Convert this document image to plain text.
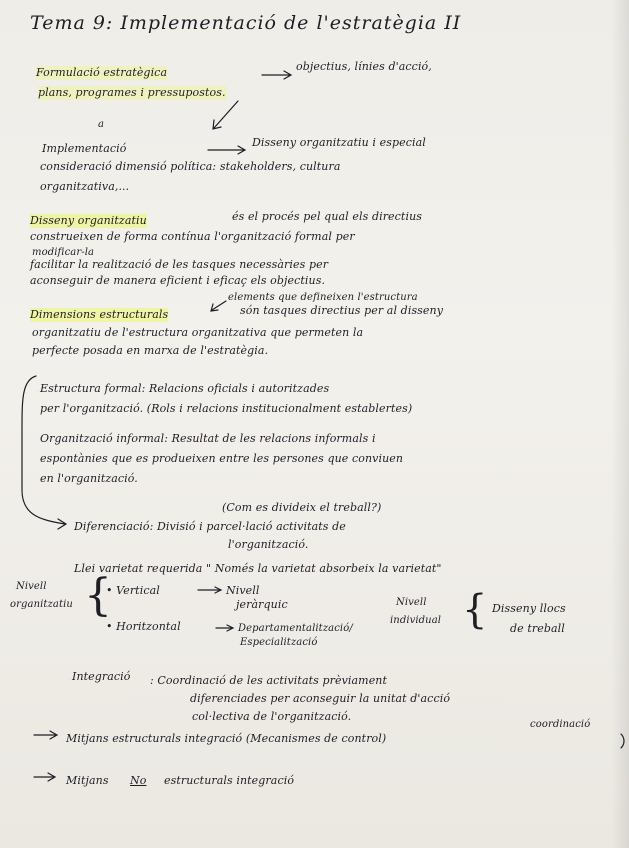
Tema 9: Implementació de l'estratègia II
Formulació estratègica	objectius, línies d'acció,
plans, programes i pressupostos.
a
Implementació	Disseny organitzatiu i especial
consideració dimensió política: stakeholders, cultura
organitzativa,...
Disseny organitzatiu	és el procés pel qual els directius
construeixen de forma contínua l'organització formal per
modificar-la
facilitar la realització de les tasques necessàries per
aconseguir de manera eficient i eficaç els objectius.
elements que defineixen l'estructura
Dimensions estructurals	són tasques directius per al disseny
organitzatiu de l'estructura organitzativa que permeten la
perfecte posada en marxa de l'estratègia.
Estructura formal: Relacions oficials i autoritzades
per l'organització. (Rols i relacions institucionalment establertes)
Organització informal: Resultat de les relacions informals i
espontànies que es produeixen entre les persones que conviuen
en l'organització.
(Com es divideix el treball?)
Diferenciació: Divisió i parcel·lació activitats de
l'organització.
Llei varietat requerida " Només la varietat absorbeix la varietat"
Nivell
organitzatiu {
• Vertical	Nivell
jeràrquic
• Horitzontal	Departamentalització/
Especialització
Nivell
individual { Disseny llocs
de treball
Integració : Coordinació de les activitats prèviament
diferenciades per aconseguir la unitat d'acció
col·lectiva de l'organització.
coordinació
Mitjans estructurals integració (Mecanismes de control)
Mitjans No estructurals integració
